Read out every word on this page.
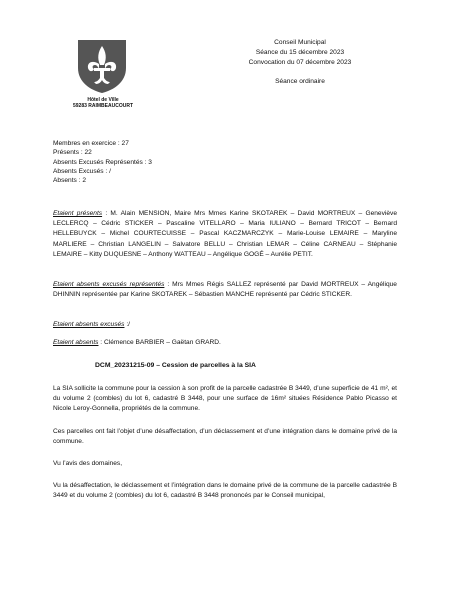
Hôtel de Ville
59283 RAIMBEAUCOURT
Conseil Municipal
Séance du 15 décembre 2023
Convocation du 07 décembre 2023
Séance ordinaire
Membres en exercice : 27
Présents : 22
Absents Excusés Représentés : 3
Absents Excusés : /
Absents : 2
Etaient présents : M. Alain MENSION, Maire Mrs Mmes Karine SKOTAREK – David MORTREUX – Geneviève LECLERCQ – Cédric STICKER – Pascaline VITELLARO – Maria IULIANO – Bernard TRICOT – Bernard HELLEBUYCK – Michel COURTECUISSE – Pascal KACZMARCZYK – Marie-Louise LEMAIRE – Maryline MARLIERE – Christian LANGELIN – Salvatore BELLU – Christian LEMAR – Céline CARNEAU – Stéphanie LEMAIRE – Kitty DUQUESNE – Anthony WATTEAU – Angélique GOGÉ – Aurélie PETIT.
Etaient absents excusés représentés : Mrs Mmes Régis SALLEZ représenté par David MORTREUX – Angélique DHINNIN représentée par Karine SKOTAREK – Sébastien MANCHE représenté par Cédric STICKER.
Etaient absents excusés :/
Etaient absents : Clémence BARBIER – Gaëtan GRARD.
DCM_20231215-09 – Cession de parcelles à la SIA
La SIA sollicite la commune pour la cession à son profit de la parcelle cadastrée B 3449, d’une superficie de 41 m², et du volume 2 (combles) du lot 6, cadastré B 3448, pour une surface de 16m² situées Résidence Pablo Picasso et Nicole Leroy-Gonnella, propriétés de la commune.
Ces parcelles ont fait l’objet d’une désaffectation, d’un déclassement et d’une intégration dans le domaine privé de la commune.
Vu l’avis des domaines,
Vu la désaffectation, le déclassement et l’intégration dans le domaine privé de la commune de la parcelle cadastrée B 3449 et du volume 2 (combles) du lot 6, cadastré B 3448 prononcés par le Conseil municipal,
